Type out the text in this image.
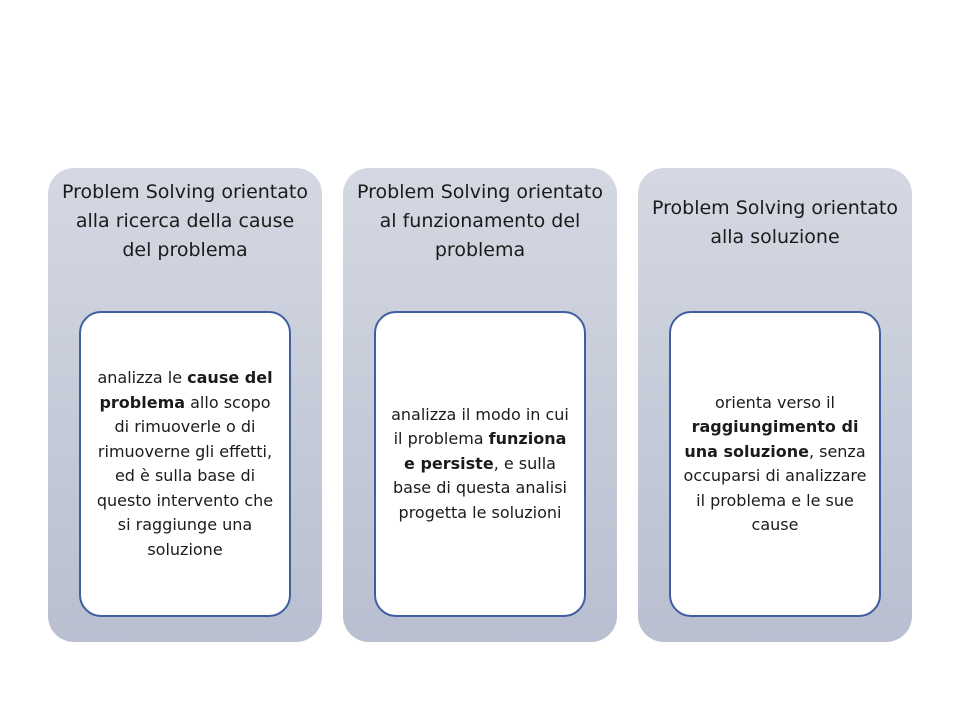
Problem Solving orientato alla ricerca della cause del problema

analizza le cause del problema allo scopo di rimuoverle o di rimuoverne gli effetti, ed è sulla base di questo intervento che si raggiunge una soluzione

Problem Solving orientato al funzionamento del problema

analizza il modo in cui il problema funziona e persiste, e sulla base di questa analisi progetta le soluzioni

Problem Solving orientato alla soluzione

orienta verso il raggiungimento di una soluzione, senza occuparsi di analizzare il problema e le sue cause
